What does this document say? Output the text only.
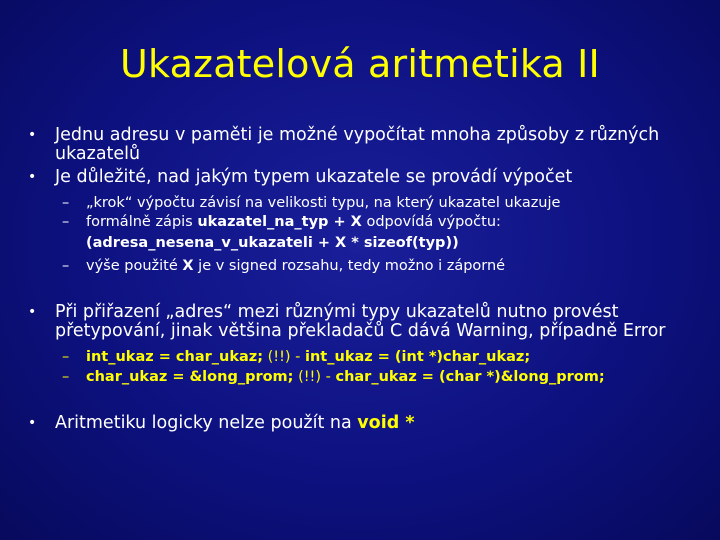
Ukazatelová aritmetika II
• Jednu adresu v paměti je možné vypočítat mnoha způsoby z různých
ukazatelů
• Je důležité, nad jakým typem ukazatele se provádí výpočet
– „krok“ výpočtu závisí na velikosti typu, na který ukazatel ukazuje
– formálně zápis ukazatel_na_typ + X odpovídá výpočtu:
(adresa_nesena_v_ukazateli + X * sizeof(typ))
– výše použité X je v signed rozsahu, tedy možno i záporné
• Při přiřazení „adres“ mezi různými typy ukazatelů nutno provést
přetypování, jinak většina překladačů C dává Warning, případně Error
– int_ukaz = char_ukaz; (!!) - int_ukaz = (int *)char_ukaz;
– char_ukaz = &long_prom; (!!) - char_ukaz = (char *)&long_prom;
• Aritmetiku logicky nelze použít na void *
